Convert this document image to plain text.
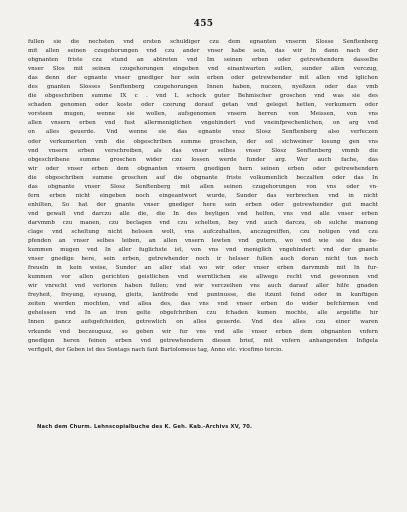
455
fullen sie die nechsten vnd ersten schuldiger czu dem egnanten vnserm Slosse Senftenberg
mit allen seinen czugehorungen vnd czu ander vnser habe sein, das wir In dann nach der
obgnanten friste czu stund an abtreten vnd Im seinen erben oder getrewhendern dasselbe
vnser Slos mit seinen czugehorungen eingeben vnd einantwarten sullen, sunder allen verczug,
das denn der egnante vnser gnediger her sein erben oder getrewhender mit allen vnd iglichen
des gnanten Slosses Senftenberg czugehorungen Innen haben, nuczen, nyeßzen oder das vmb
die obgeschriben summe IX c . vnd L schock guter Behmischer groschen vnd was sie des
schaden genomen oder koste oder czerung dorauf getan vnd geleget hetten, verkumern oder
vorsteen mugen, wenne sie wollen, aufsgenomen vnsern herren von Meissen, von vns
allen vnsern erben vnd fust allermeniglichen vngehindert vnd vneinfprechenlichen, on arg vnd
on alles geuerde. Vnd wenne sie das egnante vnsz Slosz Senftenberg also verfeczen
oder verkumerten vmb die obgeschriben summe groschen, der sol sichweiner losung gen vns
vnd vnsern erben verschreiben, als das vnser selbes vnser Slosz Senftenberg vmmb die
obgeschribene summe groschen wider czu lossen werde funder arg. Wer auch fache, das
wir oder vnser erben dem obgnanten vnsern gnedigen hern seinen erben oder getrewhendern
die obgeschriben summe groschen auf die obgnante friste volkumenlich beczalten oder das In
das obgnante vnser Slosz Senftenberg mit allen seinen czugehorungen von vns oder vn-
fern erben nicht eingeben noch eingeantwort wurde, Sunder das verbrechen vnd in nicht
enhilten, So hat der gnante vnser gnediger here sein erben oder getrewhender gut macht
vnd gewalt vnd darczu alle die, die In des beyligen vnd helfen, vns vnd alle vnser erben
darvmmb czu manen, czu beclagen vnd czu schelten, bey vnd auch darczu, ob sulche manung
clage vnd scheltung nicht helssen wolt, vns aufczuhalten, anczugreiffen, czu notigen vnd czu
pfenden an vnser selbes leiben, an allen vnsern lewten vnd gutern, wo vnd wie sie des be-
kummen mugen vnd In aller fuglichste ist, von vns vnd meniglich vngehindert: vnd der gnante
vnser gnedige here, sein erben, getrewhender noch ir helsser fullen auch doran nicht tun noch
freueln in kein weise, Sunder an aller stat wo wir oder vnser erben darvmmb mit In fur-
kummen vor allen gerichten geistlichen vnd werntlichen sie allwege recht vnd gewonnen vnd
wir vnrecht vnd verloren haben fullen; vnd wir verczeihen vns auch darauf aller hilfe gnaden
freyheit, freyung, eyuung, gleits, lantfrede vnd puntnusse, die itzunt feind oder in kunftigen
zeiten werden mochten, vnd allea des, das vns vnd vnser erben do wider befchirmen vnd
gehelssen vnd In an iren gelte obgefchriben czu fchaden kumen mochte, alle argelifte hir
Innen gancz aufsgefcheiden, getrewlich on alles geuerde. Vnd des alles czu einer waren
vrkunde vnd beczeugusz, so geben wir fur vns vnd alle vnser erben dem obgnanten vnfern
gnedigen heren feinen erben vnd getrewhendern diesen brief, mit vnfern anhangenden Infigela
verfigelt, der Geben ist des Sontags nach fant Bartolomeus tag, Anno etc. vicefimo tercio.
Nach dem Churm. Lehnscopialbuche des K. Geh. Kab.-Archivs XV, 70.
